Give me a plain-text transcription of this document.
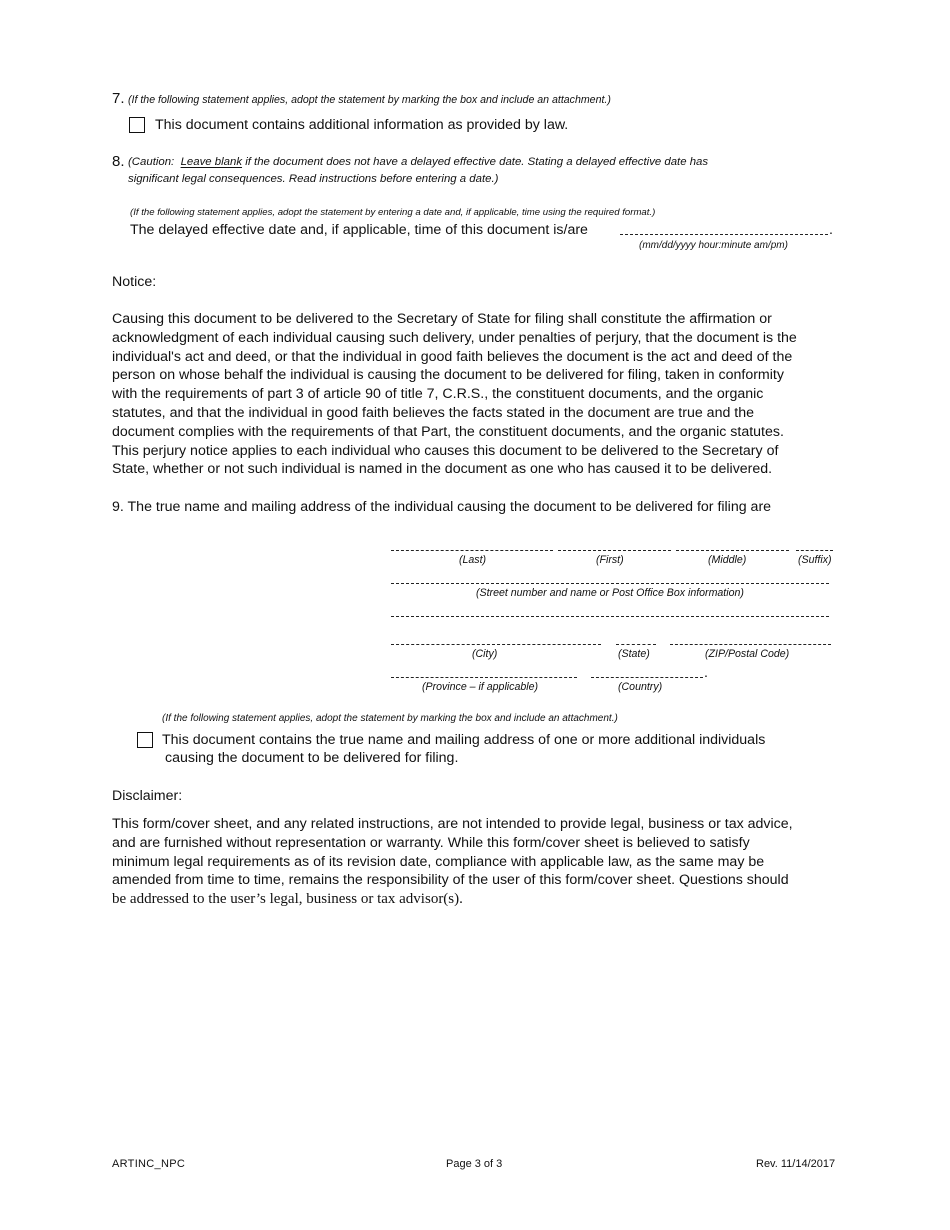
7. (If the following statement applies, adopt the statement by marking the box and include an attachment.)
This document contains additional information as provided by law.
8. (Caution: Leave blank if the document does not have a delayed effective date. Stating a delayed effective date has
significant legal consequences. Read instructions before entering a date.)
(If the following statement applies, adopt the statement by entering a date and, if applicable, time using the required format.)
The delayed effective date and, if applicable, time of this document is/are	.
(mm/dd/yyyy hour:minute am/pm)
Notice:
Causing this document to be delivered to the Secretary of State for filing shall constitute the affirmation or
acknowledgment of each individual causing such delivery, under penalties of perjury, that the document is the
individual's act and deed, or that the individual in good faith believes the document is the act and deed of the
person on whose behalf the individual is causing the document to be delivered for filing, taken in conformity
with the requirements of part 3 of article 90 of title 7, C.R.S., the constituent documents, and the organic
statutes, and that the individual in good faith believes the facts stated in the document are true and the
document complies with the requirements of that Part, the constituent documents, and the organic statutes.
This perjury notice applies to each individual who causes this document to be delivered to the Secretary of
State, whether or not such individual is named in the document as one who has caused it to be delivered.
9. The true name and mailing address of the individual causing the document to be delivered for filing are
(Last)	(First)	(Middle)	(Suffix)
(Street number and name or Post Office Box information)
(City)	(State)	(ZIP/Postal Code)
.
(Province – if applicable)	(Country)
(If the following statement applies, adopt the statement by marking the box and include an attachment.)
This document contains the true name and mailing address of one or more additional individuals
causing the document to be delivered for filing.
Disclaimer:
This form/cover sheet, and any related instructions, are not intended to provide legal, business or tax advice,
and are furnished without representation or warranty. While this form/cover sheet is believed to satisfy
minimum legal requirements as of its revision date, compliance with applicable law, as the same may be
amended from time to time, remains the responsibility of the user of this form/cover sheet. Questions should
be addressed to the user’s legal, business or tax advisor(s).
ARTINC_NPC	Page 3 of 3	Rev. 11/14/2017
